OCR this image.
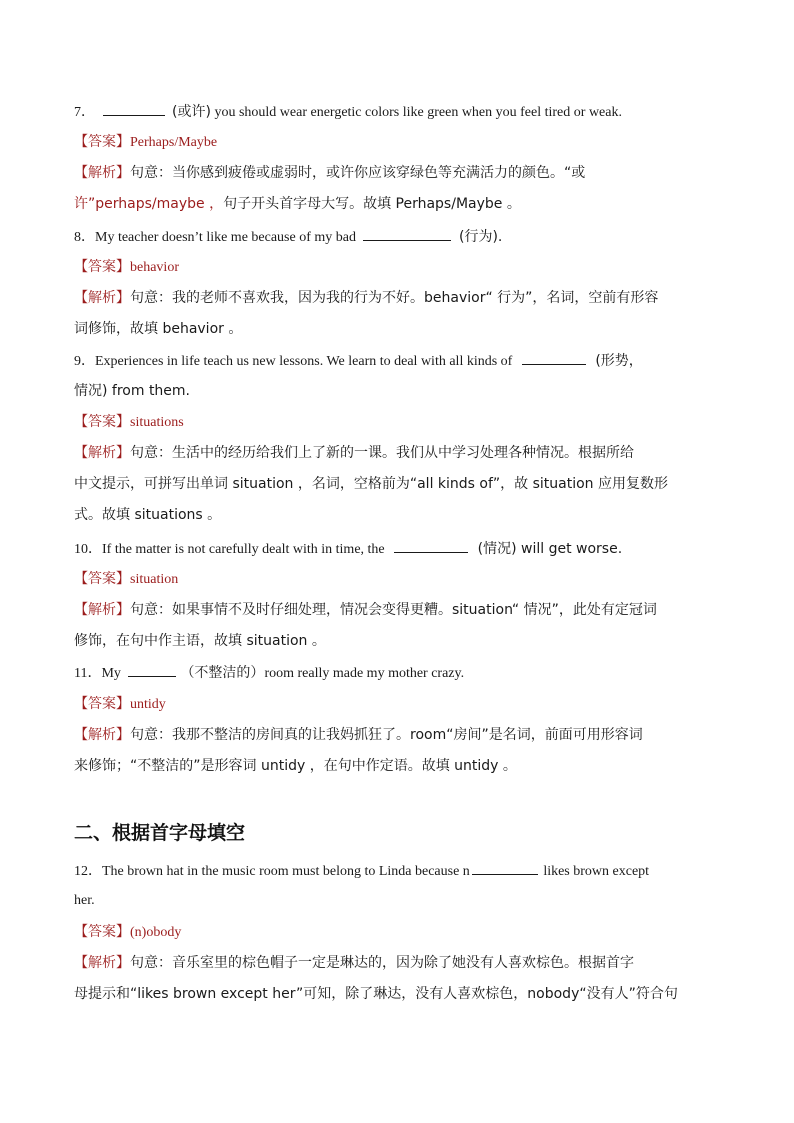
7．	(或许) you should wear energetic colors like green when you feel tired or weak.
【答案】Perhaps/Maybe
【解析】句意：当你感到疲倦或虚弱时，或许你应该穿绿色等充满活力的颜色。“或
许”perhaps/maybe ，句子开头首字母大写。故填 Perhaps/Maybe 。
8．My teacher doesn’t like me because of my bad	(行为).
【答案】behavior
【解析】句意：我的老师不喜欢我，因为我的行为不好。behavior“ 行为”，名词，空前有形容
词修饰，故填 behavior 。
9．Experiences in life teach us new lessons. We learn to deal with all kinds of	(形势，
情况) from them.
【答案】situations
【解析】句意：生活中的经历给我们上了新的一课。我们从中学习处理各种情况。根据所给
中文提示，可拼写出单词 situation ，名词，空格前为“all kinds of”，故 situation 应用复数形
式。故填 situations 。
10．If the matter is not carefully dealt with in time, the	(情况) will get worse.
【答案】situation
【解析】句意：如果事情不及时仔细处理，情况会变得更糟。situation“ 情况”，此处有定冠词
修饰，在句中作主语，故填 situation 。
11．My	（不整洁的）room really made my mother crazy.
【答案】untidy
【解析】句意：我那不整洁的房间真的让我妈抓狂了。room“房间”是名词，前面可用形容词
来修饰；“不整洁的”是形容词 untidy ，在句中作定语。故填 untidy 。
二、根据首字母填空
12．The brown hat in the music room must belong to Linda because n	likes brown except
her.
【答案】(n)obody
【解析】句意：音乐室里的棕色帽子一定是琳达的，因为除了她没有人喜欢棕色。根据首字
母提示和“likes brown except her”可知，除了琳达，没有人喜欢棕色，nobody“没有人”符合句
